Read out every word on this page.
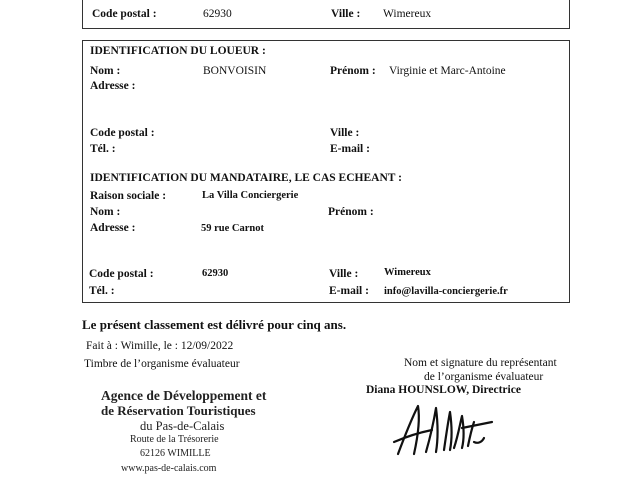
Code postal :	62930	Ville : Wimereux
IDENTIFICATION DU LOUEUR :
Nom :	BONVOISIN	Prénom : Virginie et Marc-Antoine
Adresse :
Code postal :	Ville :
Tél. :	E-mail :
IDENTIFICATION DU MANDATAIRE, LE CAS ECHEANT :
Raison sociale :	La Villa Conciergerie
Nom :	Prénom :
Adresse :	59 rue Carnot
Code postal :	62930	Ville : Wimereux
Tél. :	E-mail : info@lavilla-conciergerie.fr
Le présent classement est délivré pour cinq ans.
Fait à : Wimille, le : 12/09/2022
Timbre de l’organisme évaluateur	Nom et signature du représentant
de l’organisme évaluateur
Diana HOUNSLOW, Directrice
Agence de Développement et
de Réservation Touristiques
du Pas-de-Calais
Route de la Trésorerie
62126 WIMILLE
www.pas-de-calais.com
